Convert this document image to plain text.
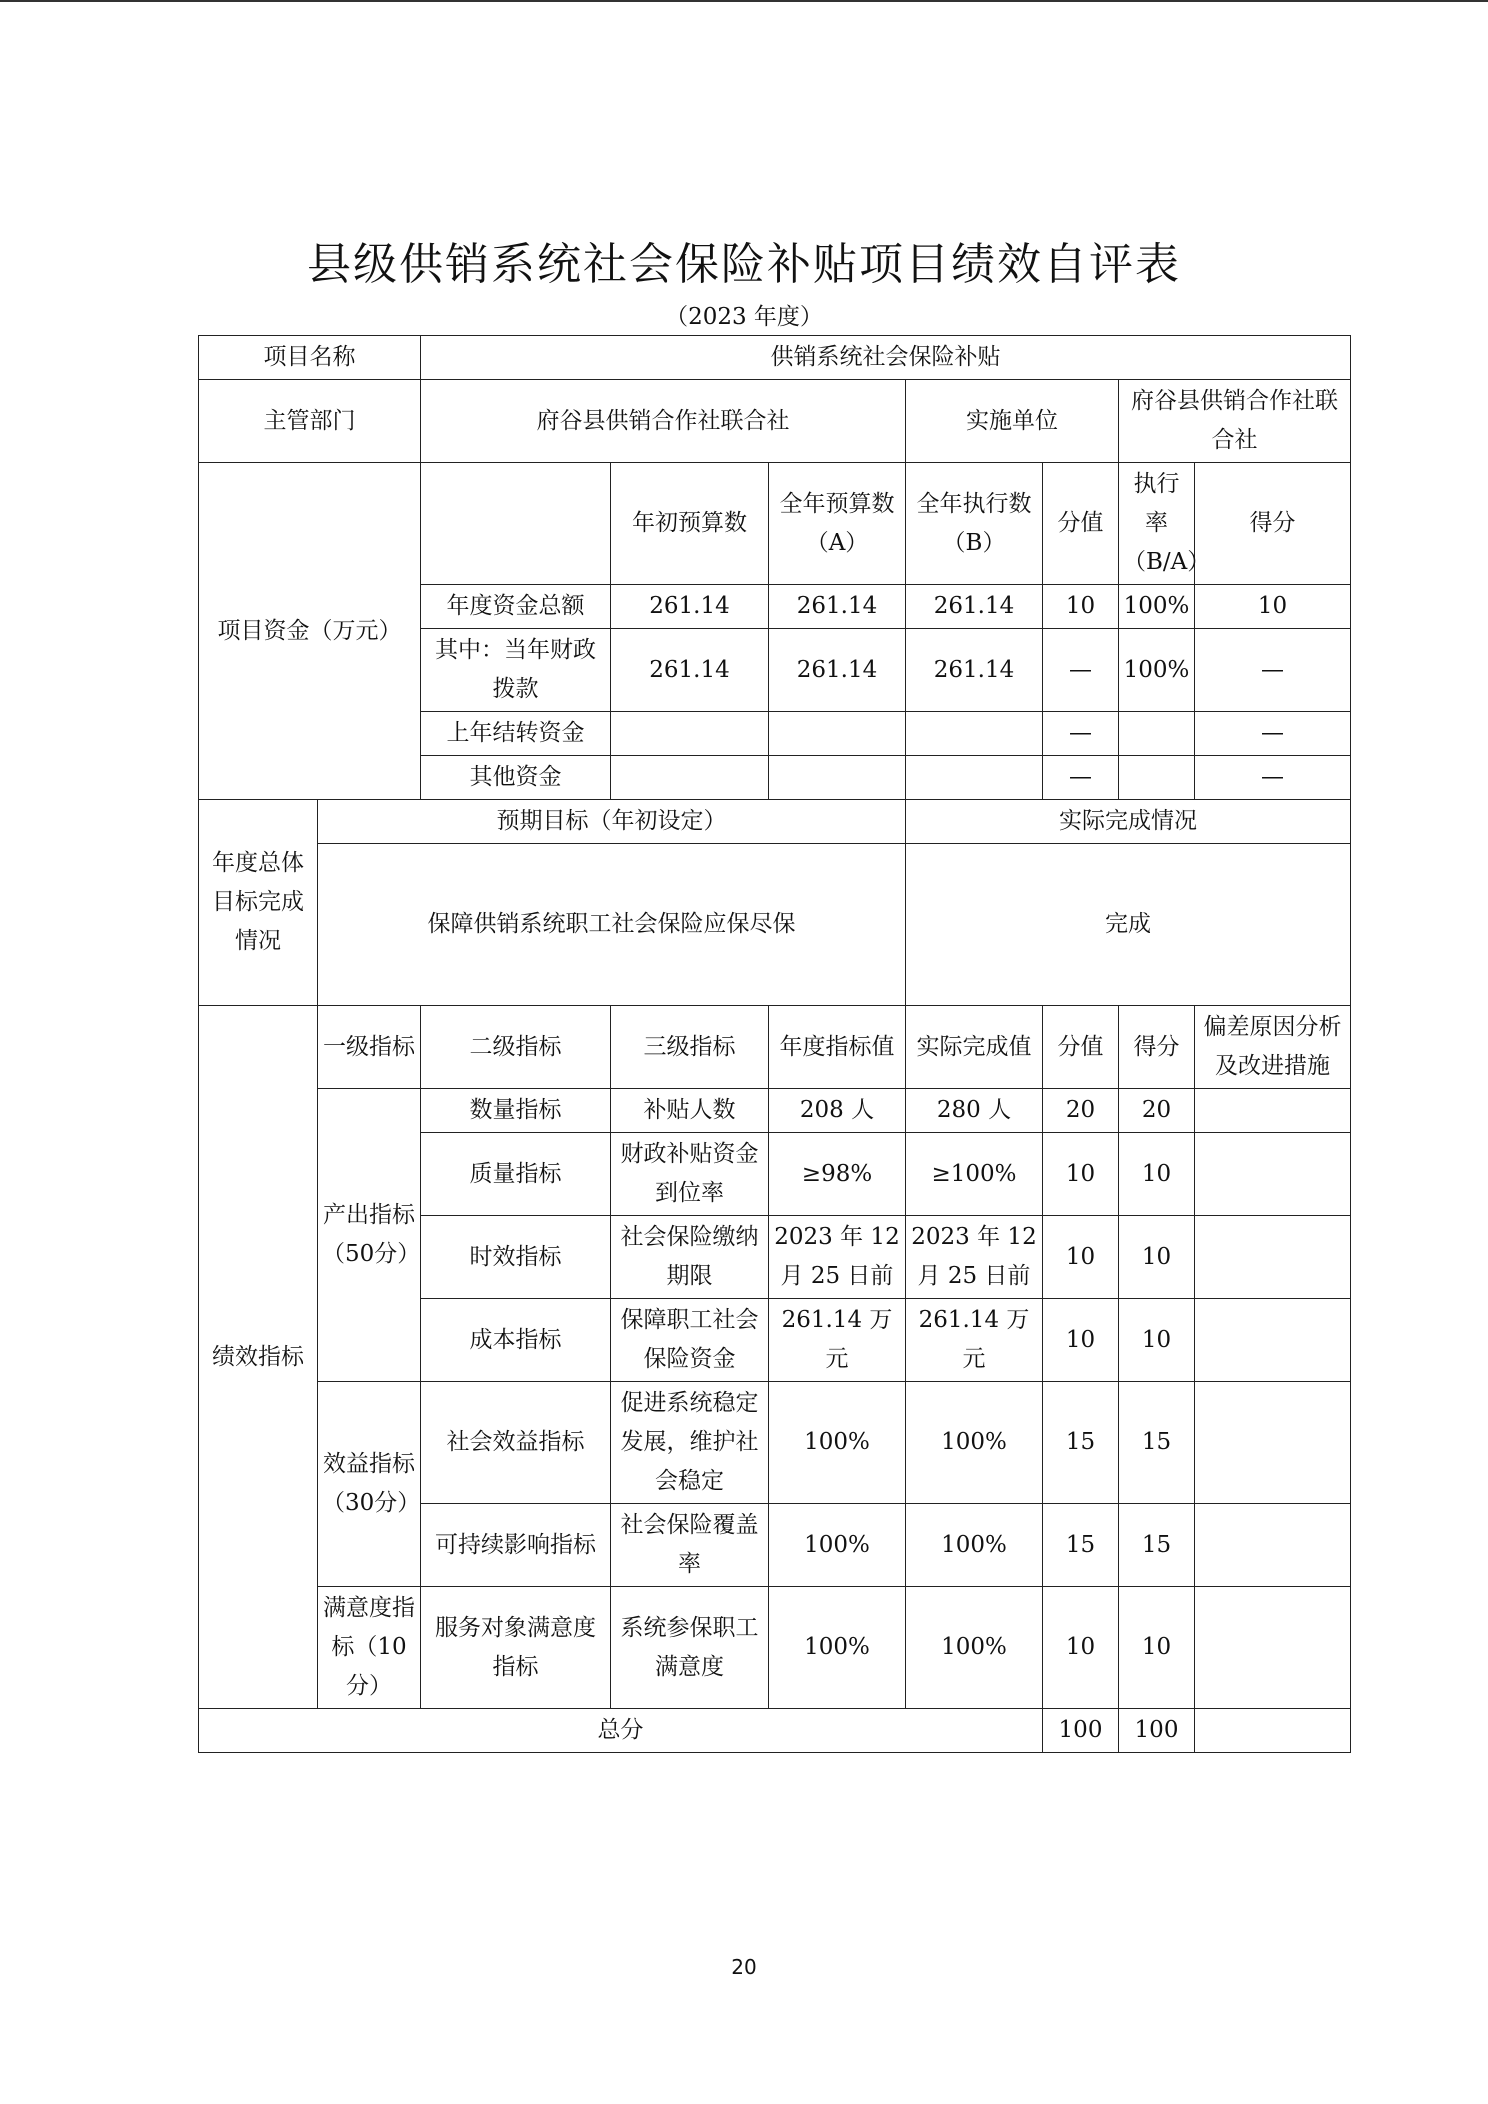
县级供销系统社会保险补贴项目绩效自评表
（2023 年度）
项目名称		供销系统社会保险补贴						
主管部门		府谷县供销合作社联合社			实施单位		府谷县供销合作社联合社	
项目资金（万元）			年初预算数	全年预算数（A）	全年执行数（B）	分值	执行率（B/A）	得分
		年度资金总额	261.14	261.14	261.14	10	100%	10
		其中：当年财政拨款	261.14	261.14	261.14	—	100%	—
		上年结转资金				—		—
		其他资金				—		—
年度总体目标完成情况	预期目标（年初设定）				实际完成情况			
	保障供销系统职工社会保险应保尽保				完成			
绩效指标	一级指标	二级指标	三级指标	年度指标值	实际完成值	分值	得分	偏差原因分析及改进措施
	产出指标（50分）	数量指标	补贴人数	208 人	280 人	20	20	
		质量指标	财政补贴资金到位率	≥98%	≥100%	10	10	
		时效指标	社会保险缴纳期限	2023 年 12 月 25 日前	2023 年 12 月 25 日前	10	10	
		成本指标	保障职工社会保险资金	261.14 万元	261.14 万元	10	10	
	效益指标（30分）	社会效益指标	促进系统稳定发展，维护社会稳定	100%	100%	15	15	
		可持续影响指标	社会保险覆盖率	100%	100%	15	15	
	满意度指标（10分）	服务对象满意度指标	系统参保职工满意度	100%	100%	10	10	
总分						100	100	
20
